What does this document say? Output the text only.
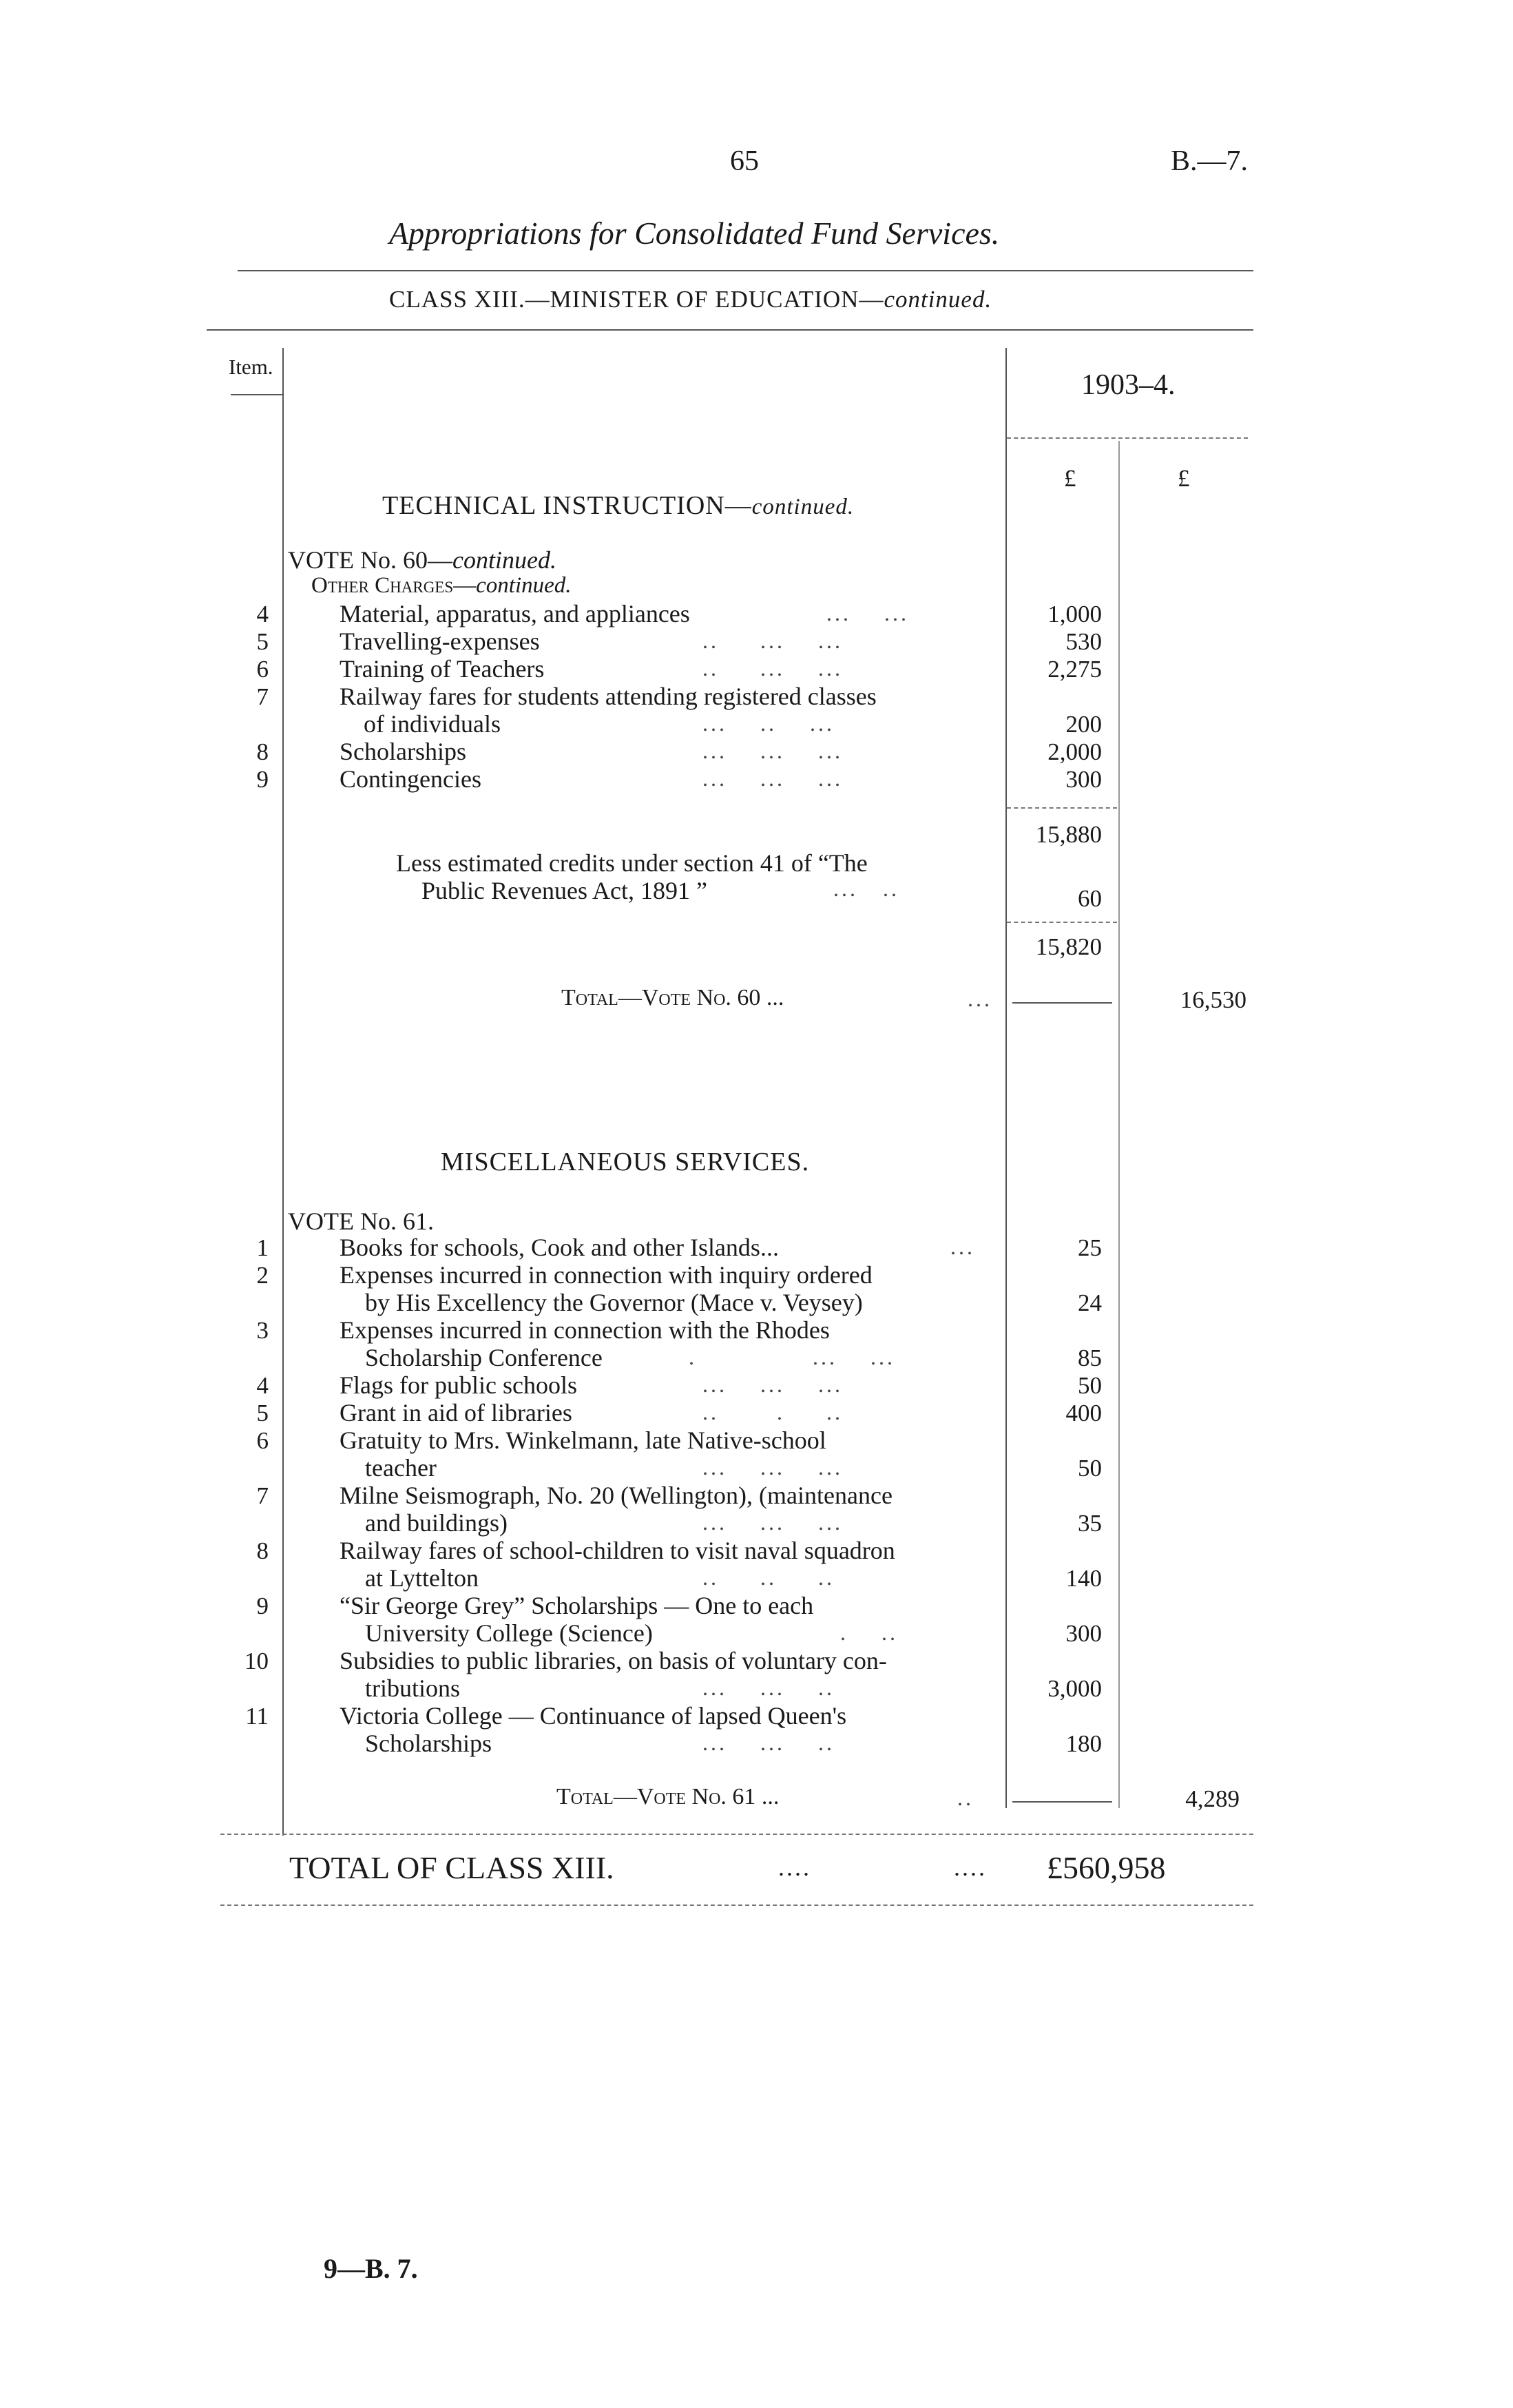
65	B.—7.
Appropriations for Consolidated Fund Services.
CLASS XIII.—MINISTER OF EDUCATION—continued.
Item.
1903–4.
£	£
TECHNICAL INSTRUCTION—continued.
VOTE No. 60—continued.
Other Charges—continued.
4	Material, apparatus, and appliances	...    ...	1,000
5	Travelling-expenses	..     ...    ...	530
6	Training of Teachers	..     ...    ...	2,275
7	Railway fares for students attending registered classes
of individuals	...    ..    ...	200
8	Scholarships	...    ...    ...	2,000
9	Contingencies	...    ...    ...	300
15,880
Less estimated credits under section 41 of “The
Public Revenues Act, 1891 ”	...   ..	60
15,820
Total—Vote No. 60 ...	...	16,530
MISCELLANEOUS SERVICES.
VOTE No. 61.
1	Books for schools, Cook and other Islands...	...	25
2	Expenses incurred in connection with inquiry ordered
by His Excellency the Governor (Mace v. Veysey)	24
3	Expenses incurred in connection with the Rhodes
Scholarship Conference	.              ...    ...	85
4	Flags for public schools	...    ...    ...	50
5	Grant in aid of libraries	..       .     ..	400
6	Gratuity to Mrs. Winkelmann, late Native-school
teacher	...    ...    ...	50
7	Milne Seismograph, No. 20 (Wellington), (maintenance
and buildings)	...    ...    ...	35
8	Railway fares of school-children to visit naval squadron
at Lyttelton	..     ..     ..	140
9	“Sir George Grey” Scholarships — One to each
University College (Science)	.    ..	300
10	Subsidies to public libraries, on basis of voluntary con-
tributions	...    ...    ..	3,000
11	Victoria College — Continuance of lapsed Queen's
Scholarships	...    ...    ..	180
Total—Vote No. 61 ...	..	4,289
TOTAL OF CLASS XIII.	....	.... £560,958
9—B. 7.
